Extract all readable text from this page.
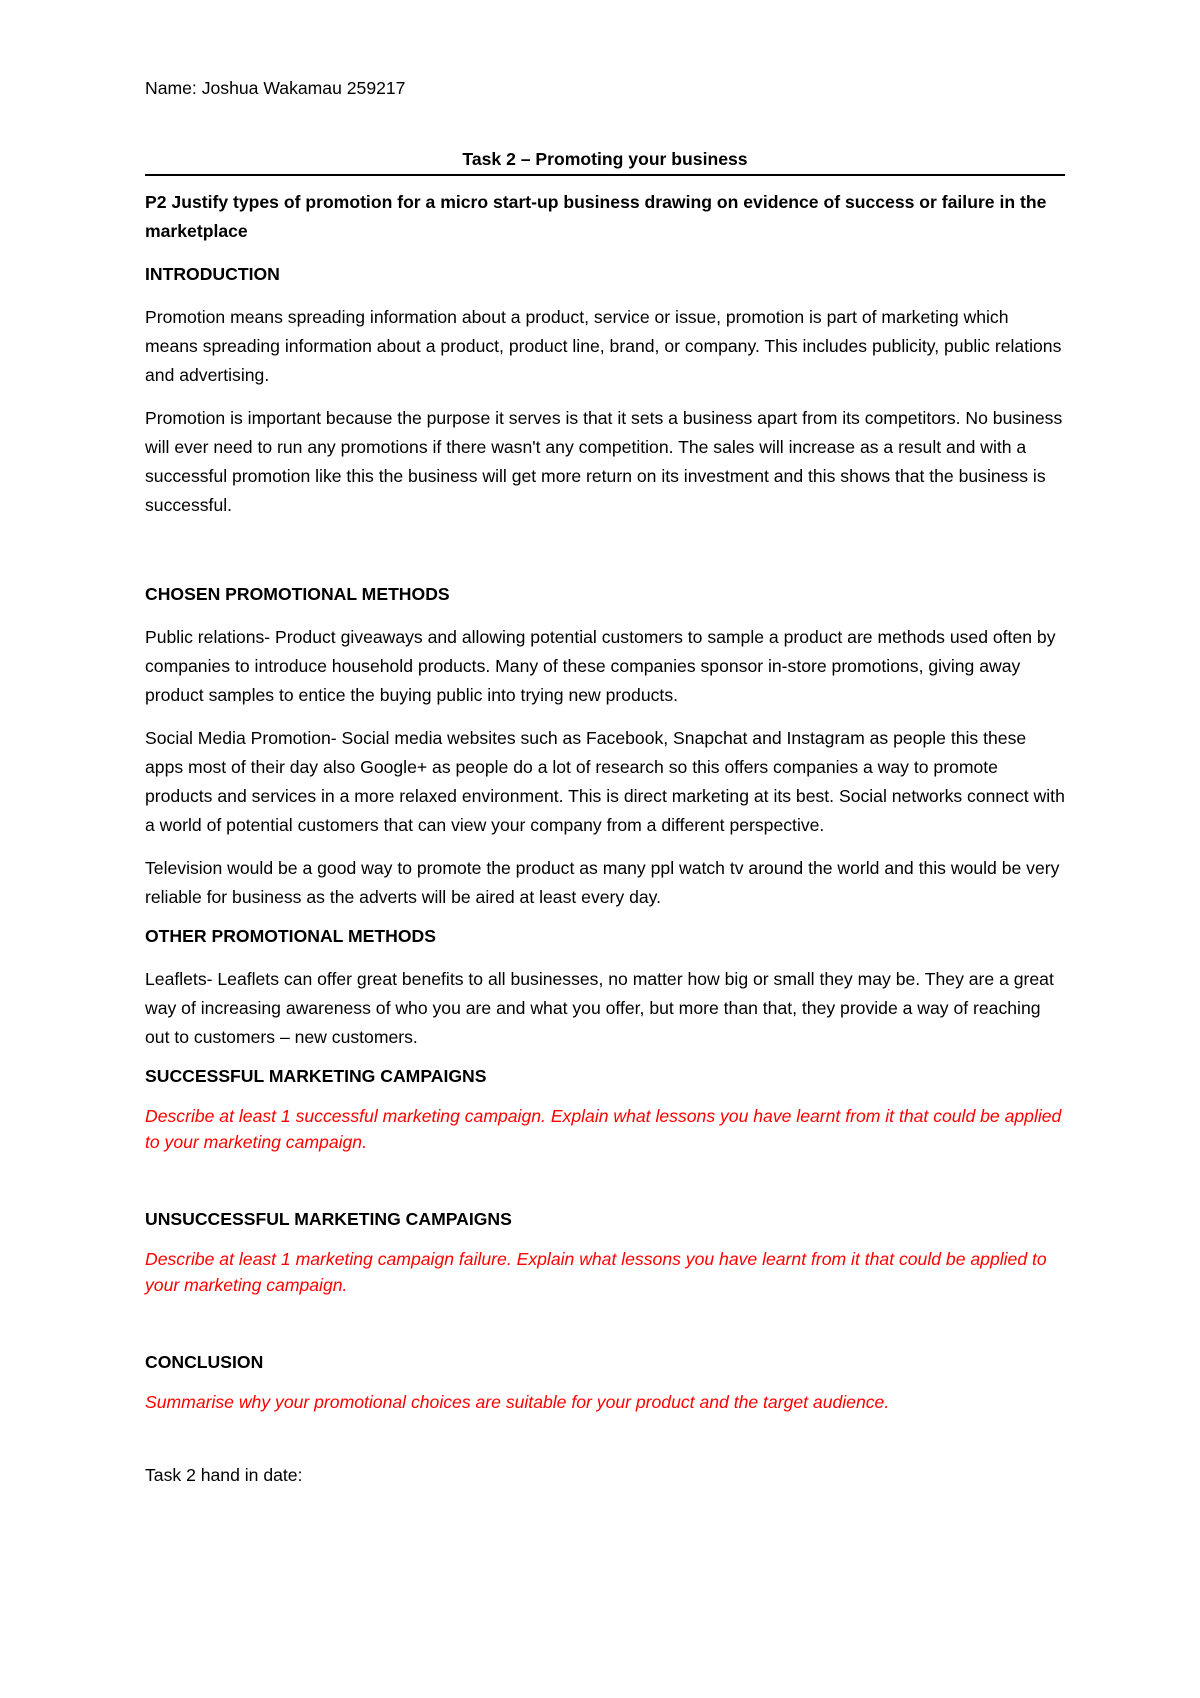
Name: Joshua Wakamau 259217

Task 2 – Promoting your business

P2 Justify types of promotion for a micro start-up business drawing on evidence of success or failure in the marketplace

INTRODUCTION

Promotion means spreading information about a product, service or issue, promotion is part of marketing which means spreading information about a product, product line, brand, or company. This includes publicity, public relations and advertising.

Promotion is important because the purpose it serves is that it sets a business apart from its competitors. No business will ever need to run any promotions if there wasn't any competition. The sales will increase as a result and with a successful promotion like this the business will get more return on its investment and this shows that the business is successful.

CHOSEN PROMOTIONAL METHODS

Public relations- Product giveaways and allowing potential customers to sample a product are methods used often by companies to introduce household products. Many of these companies sponsor in-store promotions, giving away product samples to entice the buying public into trying new products.

Social Media Promotion- Social media websites such as Facebook, Snapchat and Instagram as people this these apps most of their day also Google+ as people do a lot of research so this offers companies a way to promote products and services in a more relaxed environment. This is direct marketing at its best. Social networks connect with a world of potential customers that can view your company from a different perspective.

Television would be a good way to promote the product as many ppl watch tv around the world and this would be very reliable for business as the adverts will be aired at least every day.

OTHER PROMOTIONAL METHODS

Leaflets- Leaflets can offer great benefits to all businesses, no matter how big or small they may be. They are a great way of increasing awareness of who you are and what you offer, but more than that, they provide a way of reaching out to customers – new customers.

SUCCESSFUL MARKETING CAMPAIGNS

Describe at least 1 successful marketing campaign. Explain what lessons you have learnt from it that could be applied to your marketing campaign.

UNSUCCESSFUL MARKETING CAMPAIGNS

Describe at least 1 marketing campaign failure. Explain what lessons you have learnt from it that could be applied to your marketing campaign.

CONCLUSION

Summarise why your promotional choices are suitable for your product and the target audience.

Task 2 hand in date:
